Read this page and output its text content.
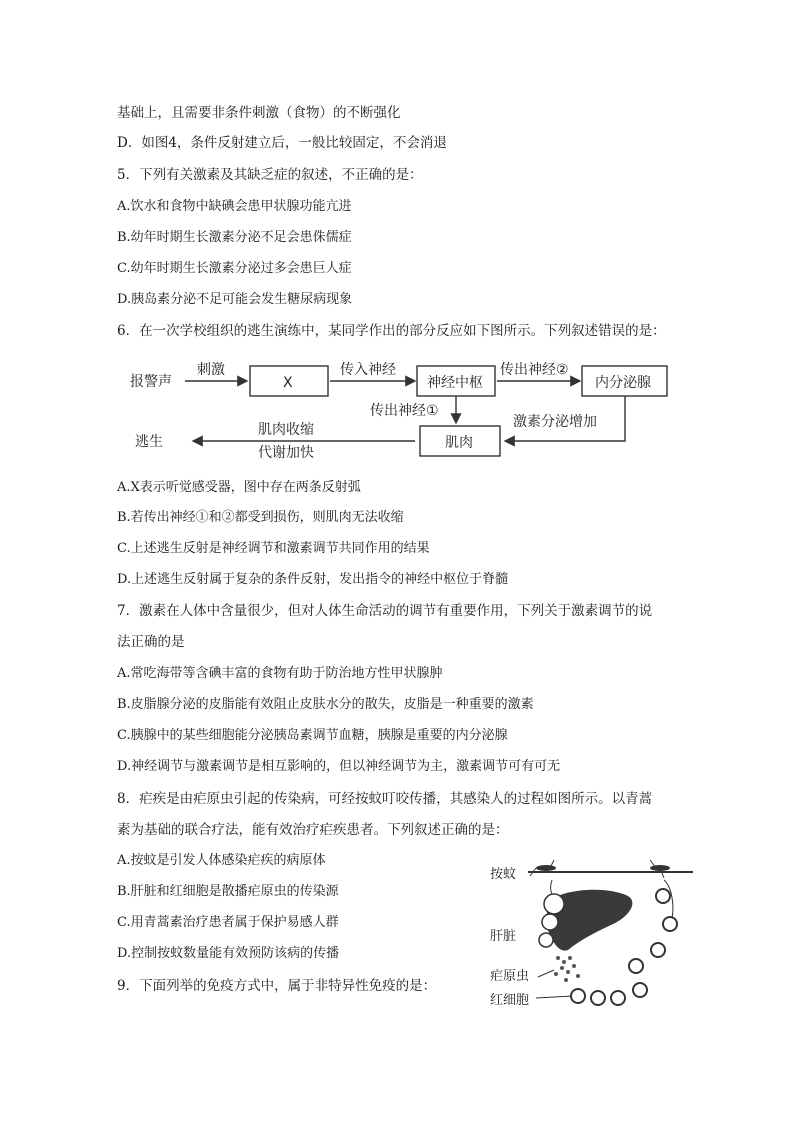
基础上，且需要非条件刺激（食物）的不断强化
D．如图4，条件反射建立后，一般比较固定，不会消退
5．下列有关激素及其缺乏症的叙述，不正确的是：
A.饮水和食物中缺碘会患甲状腺功能亢进
B.幼年时期生长激素分泌不足会患侏儒症
C.幼年时期生长激素分泌过多会患巨人症
D.胰岛素分泌不足可能会发生糖尿病现象
6．在一次学校组织的逃生演练中，某同学作出的部分反应如下图所示。下列叙述错误的是：
报警声
刺激
X
传入神经
神经中枢
传出神经②
内分泌腺
传出神经①
激素分泌增加
肌肉
肌肉收缩
代谢加快
逃生
A.X表示听觉感受器，图中存在两条反射弧
B.若传出神经①和②都受到损伤，则肌肉无法收缩
C.上述逃生反射是神经调节和激素调节共同作用的结果
D.上述逃生反射属于复杂的条件反射，发出指令的神经中枢位于脊髓
7．激素在人体中含量很少，但对人体生命活动的调节有重要作用，下列关于激素调节的说
法正确的是
A.常吃海带等含碘丰富的食物有助于防治地方性甲状腺肿
B.皮脂腺分泌的皮脂能有效阻止皮肤水分的散失，皮脂是一种重要的激素
C.胰腺中的某些细胞能分泌胰岛素调节血糖，胰腺是重要的内分泌腺
D.神经调节与激素调节是相互影响的，但以神经调节为主，激素调节可有可无
8．疟疾是由疟原虫引起的传染病，可经按蚊叮咬传播，其感染人的过程如图所示。以青蒿
素为基础的联合疗法，能有效治疗疟疾患者。下列叙述正确的是：
A.按蚊是引发人体感染疟疾的病原体
B.肝脏和红细胞是散播疟原虫的传染源
C.用青蒿素治疗患者属于保护易感人群
D.控制按蚊数量能有效预防该病的传播
9．下面列举的免疫方式中，属于非特异性免疫的是：
按蚊
肝脏
疟原虫
红细胞
